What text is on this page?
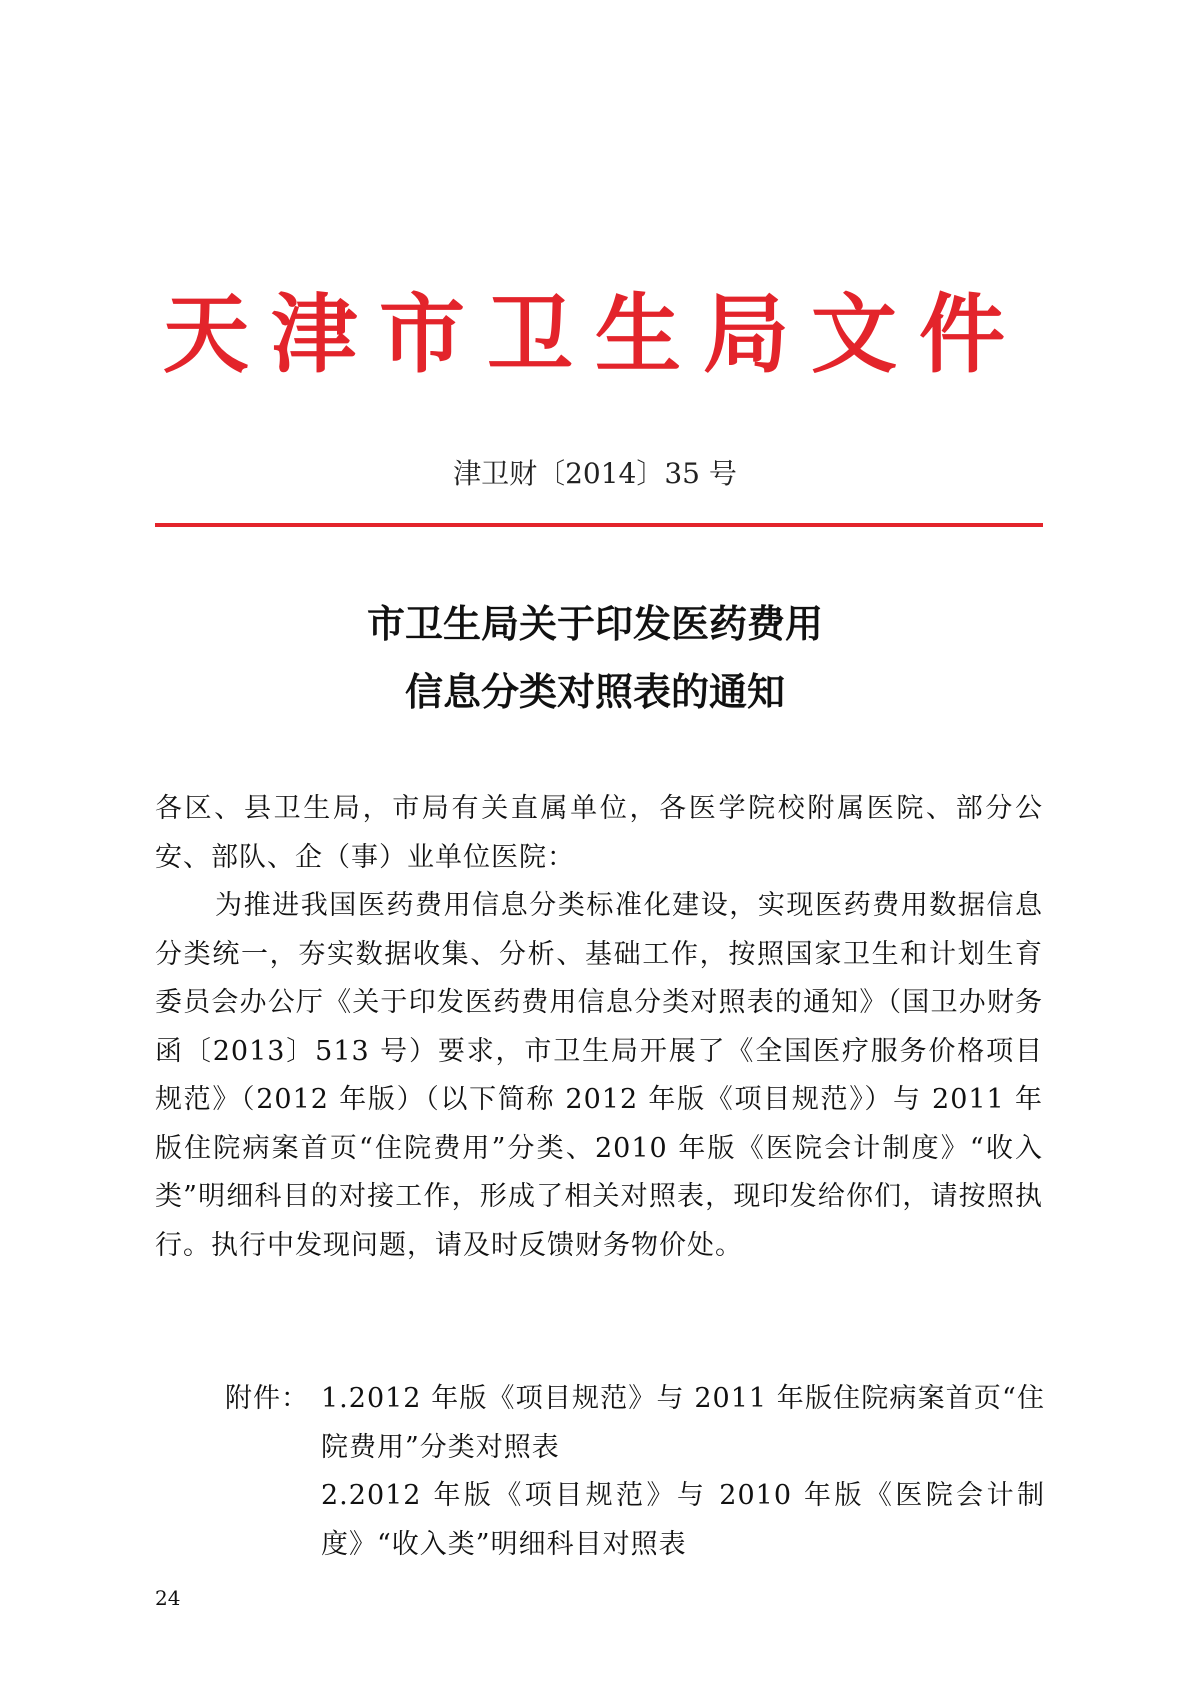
天津市卫生局文件
津卫财〔2014〕35 号
市卫生局关于印发医药费用
信息分类对照表的通知

各区、县卫生局，市局有关直属单位，各医学院校附属医院、部分公安、部队、企（事）业单位医院：

为推进我国医药费用信息分类标准化建设，实现医药费用数据信息分类统一，夯实数据收集、分析、基础工作，按照国家卫生和计划生育委员会办公厅《关于印发医药费用信息分类对照表的通知》（国卫办财务函〔2013〕513 号）要求，市卫生局开展了《全国医疗服务价格项目规范》（2012 年版）（以下简称 2012 年版《项目规范》）与 2011 年版住院病案首页“住院费用”分类、2010 年版《医院会计制度》“收入类”明细科目的对接工作，形成了相关对照表，现印发给你们，请按照执行。执行中发现问题，请及时反馈财务物价处。

附件： 1.2012 年版《项目规范》与 2011 年版住院病案首页“住院费用”分类对照表

2.2012 年版《项目规范》与 2010 年版《医院会计制度》“收入类”明细科目对照表

24
